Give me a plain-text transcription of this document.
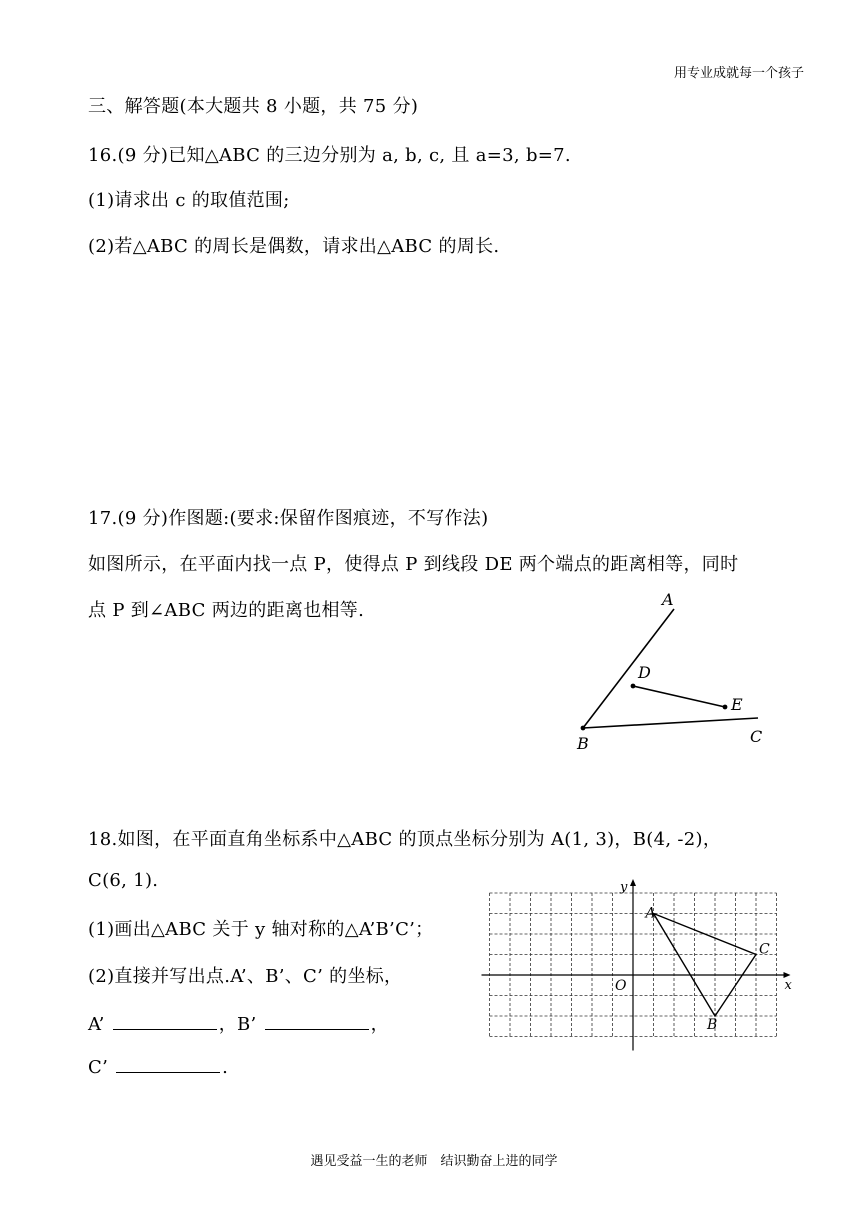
用专业成就每一个孩子
三、解答题(本大题共 8 小题，共 75 分)
16.(9 分)已知△ABC 的三边分别为 a, b, c, 且 a=3, b=7.
(1)请求出 c 的取值范围;
(2)若△ABC 的周长是偶数，请求出△ABC 的周长.
17.(9 分)作图题:(要求:保留作图痕迹，不写作法)
如图所示，在平面内找一点 P，使得点 P 到线段 DE 两个端点的距离相等，同时
点 P 到∠ABC 两边的距离也相等.
A
B	C
D
E
18.如图，在平面直角坐标系中△ABC 的顶点坐标分别为 A(1, 3)，B(4, -2)，
C(6, 1).
(1)画出△ABC 关于 y 轴对称的△A’B’C’；
(2)直接并写出点.A’、B’、C’ 的坐标，
A’	，B’	，
C’	.
x
y
O
A
B
C
遇见受益一生的老师　结识勤奋上进的同学
